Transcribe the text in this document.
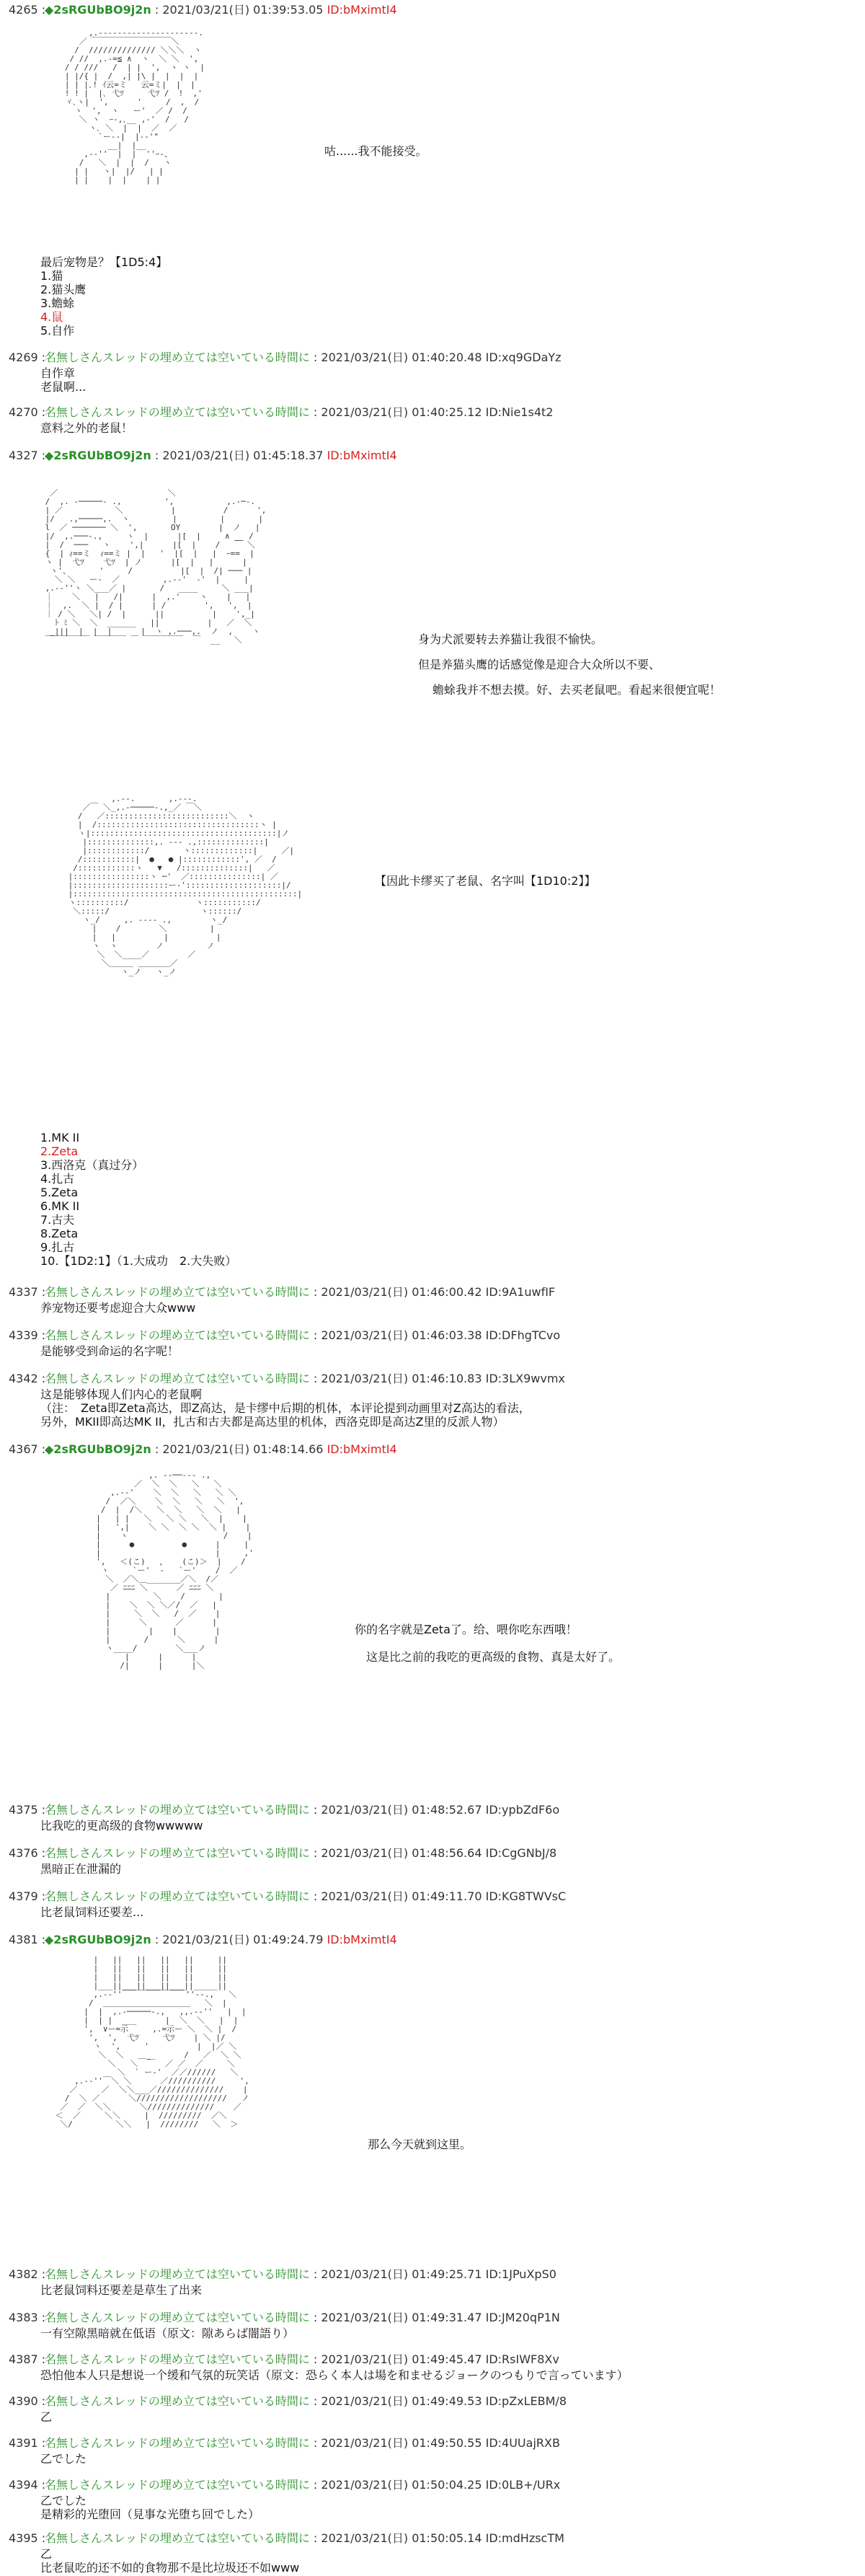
4265 :
◆2sRGUbBO9j2n : 2021/03/21(日) 01:39:53.05 ID:bMximtI4
,.---------------------.
／ ￣￣￣￣￣￣￣￣￣￣＼
/  ////////////// ＼＼＼  ヽ
/ //  ,.-=≦ ∧  ヽ  ＼ ＼  ',
/ / ///   /  | |  ',  ヽ ヽ  |
| |/{ |  /  ,| |\ |  |  |  |
| | |､! ｲ云=ミ   云=ミ|  |  |
! ! |  |､ 弋ﾂ     弋ﾂ /  !  ,'
ヾ､ヽ|  ',      '     /  ,  /
ヽ  ',  ヽ   ー'  ／ /  /
＼ ヽ  ｰ-,､__ ,-'  /   /
ヽ､ ＼  |  |  ／  ／
`ー--|  |-‐'"
__|  |__
,-‐''  |  |  ''ｰ-、
/   ＼  |  |  /   ヽ
| |   ヽ|  |/   | |
| |    |  |    | |
咕......我不能接受。
最后宠物是？【1D5:4】
1.猫
2.猫头鹰
3.蟾蜍
4.鼠
5.自作
4269 :
名無しさんスレッドの埋め立ては空いている時間に : 2021/03/21(日) 01:40:20.48 ID:xq9GDaYz
自作章
老鼠啊...
4270 :
名無しさんスレッドの埋め立ては空いている時間に : 2021/03/21(日) 01:40:25.12 ID:Nie1s4t2
意料之外的老鼠！
4327 :
◆2sRGUbBO9j2n : 2021/03/21(日) 01:45:18.37 ID:bMximtI4
／                       ＼
/  ,. -─────- .,         ',           ,.-─-.
| ／           ＼          |          /      ',
|/   .,─────,.  ヽ         |         |       |
l  ／ ─────── ＼  ',       OY        |  ノ   |
|/  ,.───-.,     ヽ  |      |[  |     ∧ __ /
|  /  ───   ヽ    ',|      |[  |    /   ￣ ＼
{  | ｨ==ミ  ｨ==ミ |  |   '  |[  |   |  ｰ==  |
ヽ |  弋ﾂ    弋ﾂ  | ノ      |[  |   |      |
ヽ'、      '     /          |[  |  /| ─── |
＼ ＼   ー‐  ／         ,.-‐'  ‐'  |     |
,.-‐''ヽ ＼___／ |       /   ____     ＼ ___|
｜    ＼   |   /|      |  ,.'    ヽ    |   |
｜  ,.  ＼ |  / |      | /        ',   ',  |
｜ / ＼   ＼| /  |      ||          |    ',_|
ﾄ ﾐ ＼  ＼  ______   ||          |   ／  ＼
_|||_ |  |  |      |  ヽ ,.───,.  ノ  ,    ヽ
￣￣￣ ￣￣ ￣￣￣￣ ￣ ￣￣￣￣￣  ￣  __   ＼	身为犬派要转去养猫让我很不愉快。
但是养猫头鹰的话感觉像是迎合大众所以不要、
蟾蜍我并不想去摸。好、去买老鼠吧。看起来很便宜呢！
,.--.       ,.-‐-.
／￣ ＼_,.-─────-.,_／ ￣＼
/   ／::::::::::::::::::::::::::＼  ヽ
|  /::::::::::::::::::::::::::::::::::ヽ |
ヽ|:::::::::::::::::::::::::::::::::::::::|ノ
|::::::::::::::,. --- .,::::::::::::::|
|::::::::::::/       ヽ:::::::::::::|     ／|
/:::::::::::|  ●   ● |::::::::::::', ／  /
/::::::::::::ヽ   ▼   /::::::::::::::|   ／
|::::::::::::::::ヽ ─'  ／:::::::::::::::| ／
|::::::::::::::::::::ー-'::::::::::::::::::::|/
|:::::::::::::::::::::::::::::::::::::::::::::::|
ヽ::::::::::/              ヽ:::::::::::/
＼:::::/                   ヽ::::::/
ヽ_/     ,. ---- .,        ヽ_/
|    /        ＼         |
|   |          |          |
ヽ  ヽ        ノ         ノ
＼  ＼____／        ／
＼＿＿＿ ＿＿＿＿／
ヽ_ノ   ヽ_ノ
【因此卡缪买了老鼠、名字叫【1D10:2】】
1.MK II
2.Zeta
3.西洛克（真过分）
4.扎古
5.Zeta
6.MK II
7.古夫
8.Zeta
9.扎古
10.【1D2:1】（1.大成功　2.大失败）
4337 :
名無しさんスレッドの埋め立ては空いている時間に : 2021/03/21(日) 01:46:00.42 ID:9A1uwfIF
养宠物还要考虑迎合大众www
4339 :
名無しさんスレッドの埋め立ては空いている時間に : 2021/03/21(日) 01:46:03.38 ID:DFhgTCvo
是能够受到命运的名字呢！
4342 :
名無しさんスレッドの埋め立ては空いている時間に : 2021/03/21(日) 01:46:10.83 ID:3LX9wvmx
这是能够体现人们内心的老鼠啊
（注：　Zeta即Zeta高达，即Z高达，是卡缪中后期的机体，本评论提到动画里对Z高达的看法，
另外，MKII即高达MK II，扎古和古夫都是高达里的机体，西洛克即是高达Z里的反派人物）
4367 :
◆2sRGUbBO9j2n : 2021/03/21(日) 01:48:14.66 ID:bMximtI4
,. --──--- .,
／  ＼  ＼   ＼   ＼
,.-‐'    ＼  ＼   ＼   ＼ ＼
/  ／＼    ＼  ＼   ＼   ＼  ',
/  |  /＼   ＼  ＼   ＼  ＼   |
|   | |   ＼   ＼ ＼   ＼  |    |
|   ',|    ＼ ＼  ＼ ＼  ＼ |    |
|    ヽ                    /    |
|      ●          ●      |     |
|                        |     ,'
',   ＜(こ)   ，   (こ)＞  |    /
ヽ     `ー'  ‐   `ー'    /  ／
＼  ／＼＿_______／＼  /／
／ ﾆﾆﾆ ＼      ／ ﾆﾆﾆ ＼
|         ＼    /       |
|    ＼  ＼ ＼／/  ／   |
|     ＼  ＼   /  ／    |
|      ＼      ／      |
|        |    |        |
|       /      ＼      |
ヽ____/        ＼___ノ
|      |      |
/|      |      |＼
你的名字就是Zeta了。给、喂你吃东西哦！
这是比之前的我吃的更高级的食物、真是太好了。
4375 :
名無しさんスレッドの埋め立ては空いている時間に : 2021/03/21(日) 01:48:52.67 ID:ypbZdF6o
比我吃的更高级的食物wwwww
4376 :
名無しさんスレッドの埋め立ては空いている時間に : 2021/03/21(日) 01:48:56.64 ID:CgGNbJ/8
黑暗正在泄漏的
4379 :
名無しさんスレッドの埋め立ては空いている時間に : 2021/03/21(日) 01:49:11.70 ID:KG8TWVsC
比老鼠饲料还要差...
4381 :
◆2sRGUbBO9j2n : 2021/03/21(日) 01:49:24.79 ID:bMximtI4
|   ||   ||   ||   ||     ||
|   ||   ||   ||   ||     ||
|   ||   ||   ||   ||     ||
|___||___||___||___||_____||
,.-‐''￣￣￣￣￣￣￣￣''‐-.,   ＼
/  ＿＿＿＿＿＿＿＿＿＿＿   ＼  |
|  |  ,.-─────-.,   ,,.-‐''   |  |
|  | |  ___      |  ＼  ＼   |  |
',  ∨ー=示     ,.=示ー ＼  ＼ |  /
',  ',  弋ﾂ     弋ﾂ    | ＼ |/
ヽ  ',     '          |  |／ ＼
＼  ＼   ＿_       /   ／  ＼ ＼
＼   ＼  ￣  ／ ／  ／     ＼
＼  ` ー‐'  ／／//////   ＼
,.-‐''￣＼ ＼      ／//////////     ',
／     ／  ＼＼___／//////////////    |
/  ＼ ／      ＼///////////////////   ノ
／  ／  ＼＼      ＼//////////////    ／
＜  ／     ＼＼     |  /////////  ／＼
＼/         ＼＼   |  ////////   ＼  ＞
那么今天就到这里。
4382 :
名無しさんスレッドの埋め立ては空いている時間に : 2021/03/21(日) 01:49:25.71 ID:1JPuXpS0
比老鼠饲料还要差是草生了出来
4383 :
名無しさんスレッドの埋め立ては空いている時間に : 2021/03/21(日) 01:49:31.47 ID:JM20qP1N
一有空隙黑暗就在低语（原文：隙あらば闇語り）
4387 :
名無しさんスレッドの埋め立ては空いている時間に : 2021/03/21(日) 01:49:45.47 ID:RsIWF8Xv
恐怕他本人只是想说一个缓和气氛的玩笑话（原文：恐らく本人は場を和ませるジョークのつもりで言っています）
4390 :
名無しさんスレッドの埋め立ては空いている時間に : 2021/03/21(日) 01:49:49.53 ID:pZxLEBM/8
乙
4391 :
名無しさんスレッドの埋め立ては空いている時間に : 2021/03/21(日) 01:49:50.55 ID:4UUajRXB
乙でした
4394 :
名無しさんスレッドの埋め立ては空いている時間に : 2021/03/21(日) 01:50:04.25 ID:0LB+/URx
乙でした
是精彩的光堕回（見事な光堕ち回でした）
4395 :
名無しさんスレッドの埋め立ては空いている時間に : 2021/03/21(日) 01:50:05.14 ID:mdHzscTM
乙
比老鼠吃的还不如的食物那不是比垃圾还不如www
